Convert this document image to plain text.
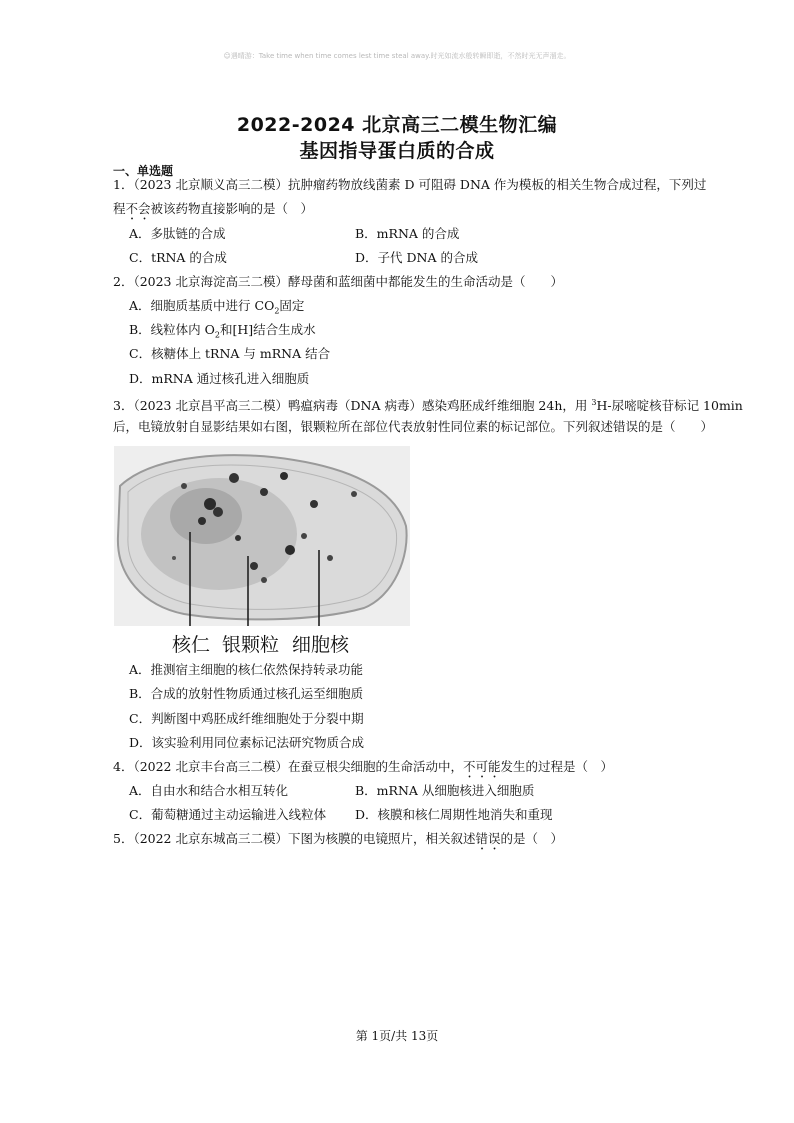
☺遇晴游：Take time when time comes lest time steal away.时光如流水般转瞬即逝，不然时光无声溜走。
2022-2024 北京高三二模生物汇编
基因指导蛋白质的合成
一、单选题
1．（2023 北京顺义高三二模）抗肿瘤药物放线菌素 D 可阻碍 DNA 作为模板的相关生物合成过程，下列过
程不会被该药物直接影响的是（　）
A．多肽链的合成	B．mRNA 的合成
C．tRNA 的合成	D．子代 DNA 的合成
2．（2023 北京海淀高三二模）酵母菌和蓝细菌中都能发生的生命活动是（　　）
A．细胞质基质中进行 $CO_2$固定
B．线粒体内 $O_2$和[H]结合生成水
C．核糖体上 tRNA 与 mRNA 结合
D．mRNA 通过核孔进入细胞质
3．（2023 北京昌平高三二模）鸭瘟病毒（DNA 病毒）感染鸡胚成纤维细胞 24h，用 $^3$H-尿嘧啶核苷标记 10min
后，电镜放射自显影结果如右图，银颗粒所在部位代表放射性同位素的标记部位。下列叙述错误的是（　　）
核仁 银颗粒 细胞核
A．推测宿主细胞的核仁依然保持转录功能
B．合成的放射性物质通过核孔运至细胞质
C．判断图中鸡胚成纤维细胞处于分裂中期
D．该实验利用同位素标记法研究物质合成
4．（2022 北京丰台高三二模）在蚕豆根尖细胞的生命活动中，不可能发生的过程是（　）
A．自由水和结合水相互转化	B．mRNA 从细胞核进入细胞质
C．葡萄糖通过主动运输进入线粒体 D．核膜和核仁周期性地消失和重现
5．（2022 北京东城高三二模）下图为核膜的电镜照片，相关叙述错误的是（　）
第 1页/共 13页
